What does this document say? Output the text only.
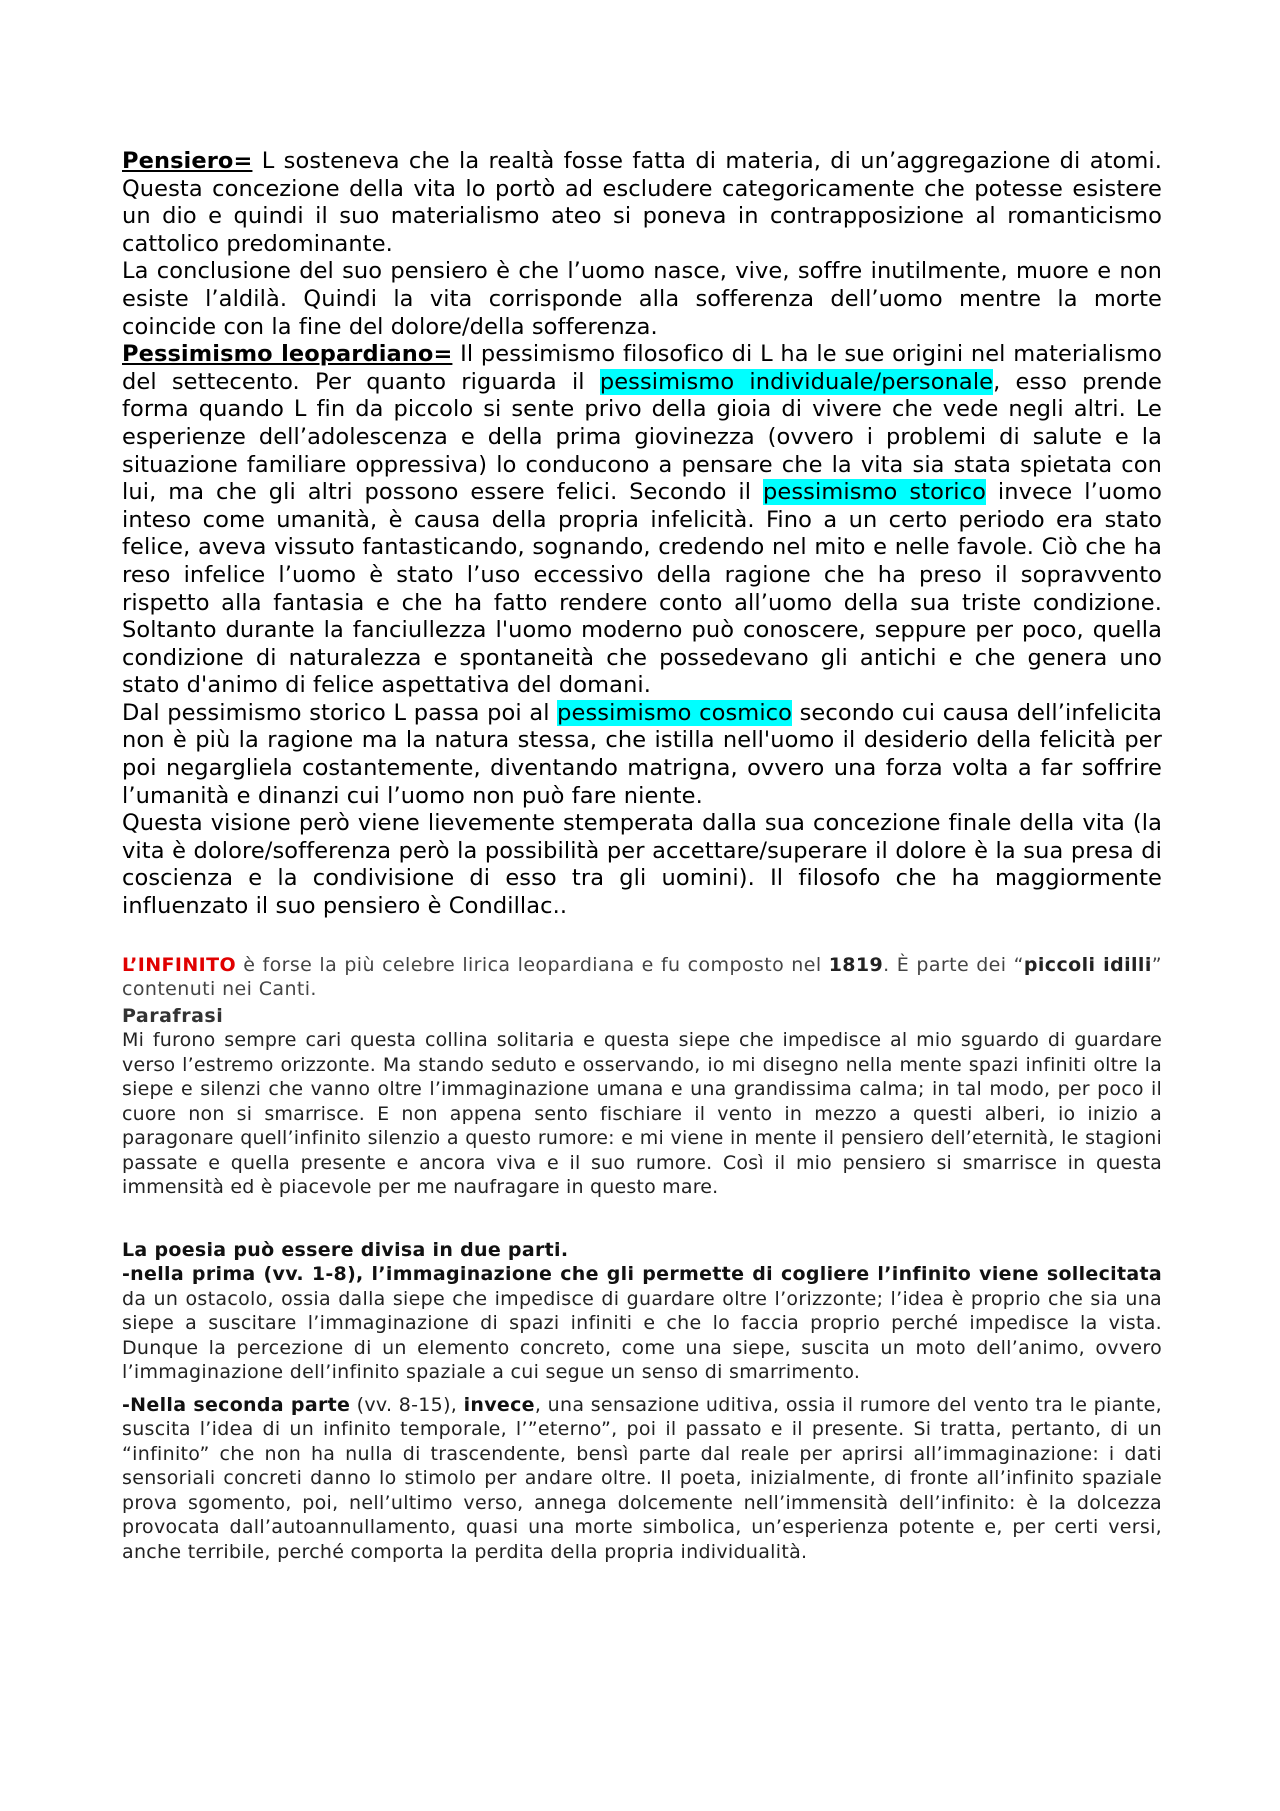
Pensiero= L sosteneva che la realtà fosse fatta di materia, di un’aggregazione di atomi. Questa concezione della vita lo portò ad escludere categoricamente che potesse esistere un dio e quindi il suo materialismo ateo si poneva in contrapposizione al romanticismo cattolico predominante.

La conclusione del suo pensiero è che l’uomo nasce, vive, soffre inutilmente, muore e non esiste l’aldilà. Quindi la vita corrisponde alla sofferenza dell’uomo mentre la morte coincide con la fine del dolore/della sofferenza.

Pessimismo leopardiano= Il pessimismo filosofico di L ha le sue origini nel materialismo del settecento. Per quanto riguarda il pessimismo individuale/personale, esso prende forma quando L fin da piccolo si sente privo della gioia di vivere che vede negli altri. Le esperienze dell’adolescenza e della prima giovinezza (ovvero i problemi di salute e la situazione familiare oppressiva) lo conducono a pensare che la vita sia stata spietata con lui, ma che gli altri possono essere felici. Secondo il pessimismo storico invece l’uomo inteso come umanità, è causa della propria infelicità. Fino a un certo periodo era stato felice, aveva vissuto fantasticando, sognando, credendo nel mito e nelle favole. Ciò che ha reso infelice l’uomo è stato l’uso eccessivo della ragione che ha preso il sopravvento rispetto alla fantasia e che ha fatto rendere conto all’uomo della sua triste condizione. Soltanto durante la fanciullezza l'uomo moderno può conoscere, seppure per poco, quella condizione di naturalezza e spontaneità che possedevano gli antichi e che genera uno stato d'animo di felice aspettativa del domani.

Dal pessimismo storico L passa poi al pessimismo cosmico secondo cui causa dell’infelicita non è più la ragione ma la natura stessa, che istilla nell'uomo il desiderio della felicità per poi negargliela costantemente, diventando matrigna, ovvero una forza volta a far soffrire l’umanità e dinanzi cui l’uomo non può fare niente.

Questa visione però viene lievemente stemperata dalla sua concezione finale della vita (la vita è dolore/sofferenza però la possibilità per accettare/superare il dolore è la sua presa di coscienza e la condivisione di esso tra gli uomini). Il filosofo che ha maggiormente influenzato il suo pensiero è Condillac..

L’INFINITO è forse la più celebre lirica leopardiana e fu composto nel 1819. È parte dei “piccoli idilli” contenuti nei Canti.

Parafrasi

Mi furono sempre cari questa collina solitaria e questa siepe che impedisce al mio sguardo di guardare verso l’estremo orizzonte. Ma stando seduto e osservando, io mi disegno nella mente spazi infiniti oltre la siepe e silenzi che vanno oltre l’immaginazione umana e una grandissima calma; in tal modo, per poco il cuore non si smarrisce. E non appena sento fischiare il vento in mezzo a questi alberi, io inizio a paragonare quell’infinito silenzio a questo rumore: e mi viene in mente il pensiero dell’eternità, le stagioni passate e quella presente e ancora viva e il suo rumore. Così il mio pensiero si smarrisce in questa immensità ed è piacevole per me naufragare in questo mare.

La poesia può essere divisa in due parti.

-nella prima (vv. 1-8), l’immaginazione che gli permette di cogliere l’infinito viene sollecitata da un ostacolo, ossia dalla siepe che impedisce di guardare oltre l’orizzonte; l’idea è proprio che sia una siepe a suscitare l’immaginazione di spazi infiniti e che lo faccia proprio perché impedisce la vista. Dunque la percezione di un elemento concreto, come una siepe, suscita un moto dell’animo, ovvero l’immaginazione dell’infinito spaziale a cui segue un senso di smarrimento.

-Nella seconda parte (vv. 8-15), invece, una sensazione uditiva, ossia il rumore del vento tra le piante, suscita l’idea di un infinito temporale, l’”eterno”, poi il passato e il presente. Si tratta, pertanto, di un “infinito” che non ha nulla di trascendente, bensì parte dal reale per aprirsi all’immaginazione: i dati sensoriali concreti danno lo stimolo per andare oltre. Il poeta, inizialmente, di fronte all’infinito spaziale prova sgomento, poi, nell’ultimo verso, annega dolcemente nell’immensità dell’infinito: è la dolcezza provocata dall’autoannullamento, quasi una morte simbolica, un’esperienza potente e, per certi versi, anche terribile, perché comporta la perdita della propria individualità.
